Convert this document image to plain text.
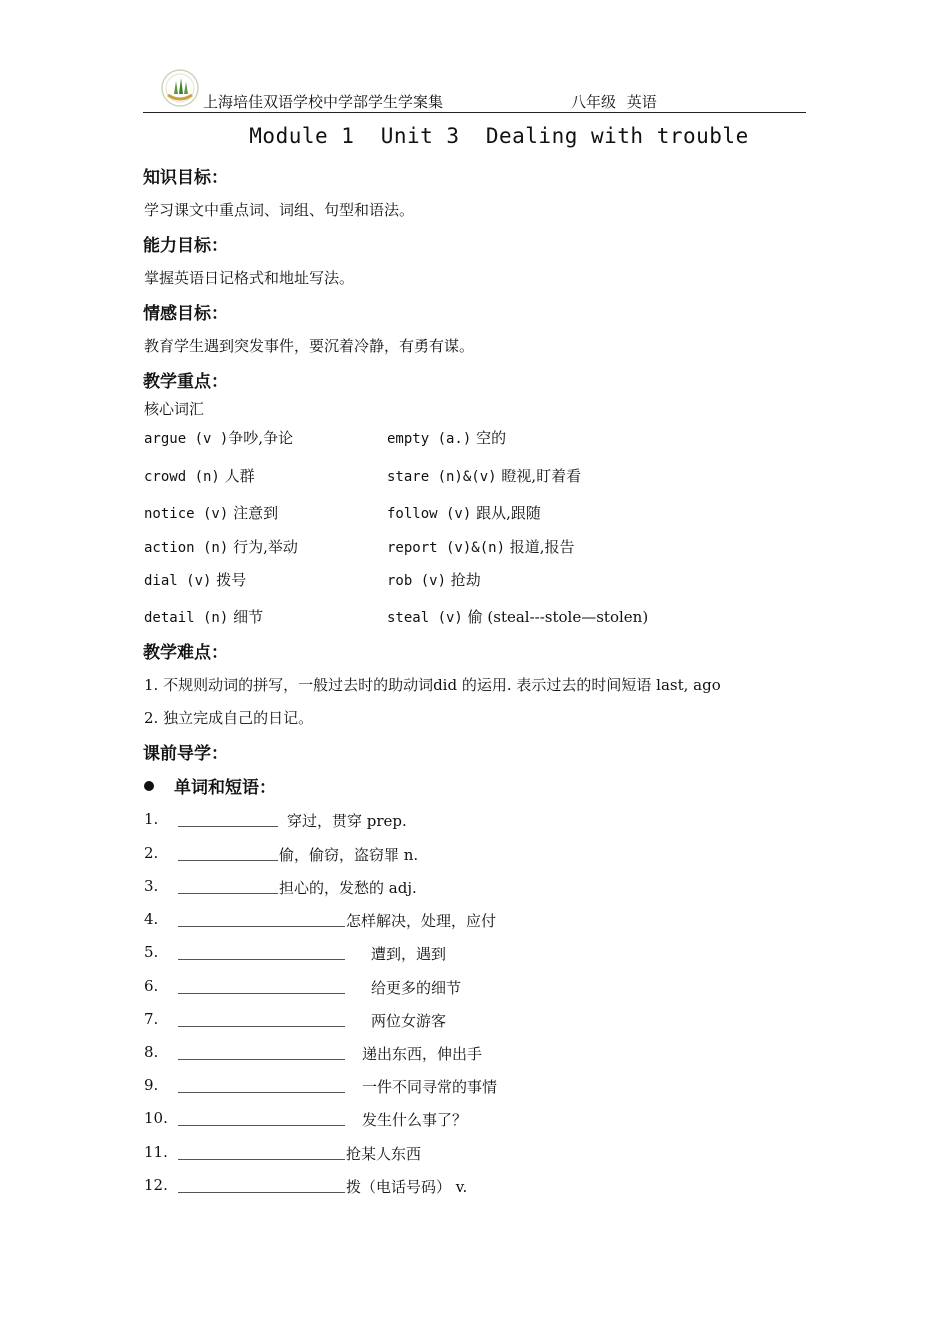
上海培佳双语学校中学部学生学案集	八年级 英语
Module 1  Unit 3  Dealing with trouble
知识目标：
学习课文中重点词、词组、句型和语法。
能力目标：
掌握英语日记格式和地址写法。
情感目标：
教育学生遇到突发事件，要沉着冷静，有勇有谋。
教学重点：
核心词汇
argue (v )争吵,争论	empty (a.) 空的
crowd (n) 人群	stare (n)&(v) 瞪视,盯着看
notice (v) 注意到	follow (v) 跟从,跟随
action (n) 行为,举动	report (v)&(n) 报道,报告
dial (v) 拨号	rob (v) 抢劫
detail (n) 细节	steal (v) 偷 (steal---stole—stolen)
教学难点：
1. 不规则动词的拼写，一般过去时的助动词did 的运用. 表示过去的时间短语 last, ago
2. 独立完成自己的日记。
课前导学：
单词和短语：
1.	穿过，贯穿 prep.
2.	偷，偷窃，盗窃罪 n.
3.	担心的，发愁的 adj.
4.	怎样解决，处理，应付
5.	遭到，遇到
6.	给更多的细节
7.	两位女游客
8.	递出东西，伸出手
9.	一件不同寻常的事情
10.	发生什么事了？
11.	抢某人东西
12.	拨（电话号码） v.
